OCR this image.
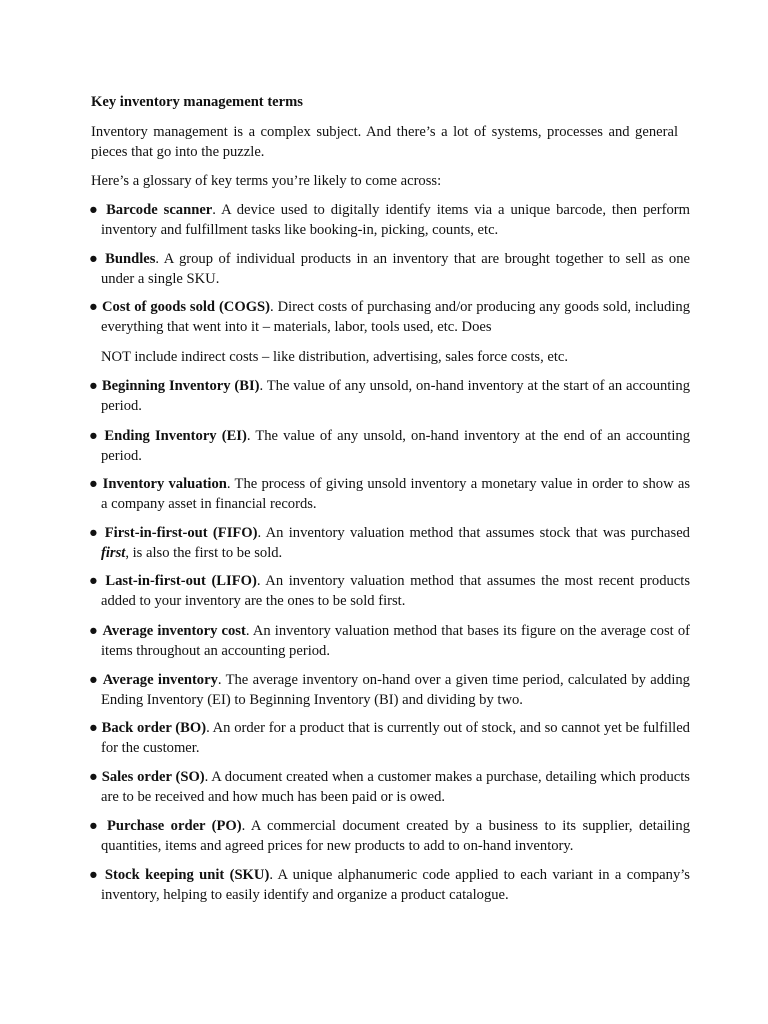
Key inventory management terms

Inventory management is a complex subject. And there’s a lot of systems, processes and general pieces that go into the puzzle.

Here’s a glossary of key terms you’re likely to come across:

● Barcode scanner. A device used to digitally identify items via a unique barcode, then perform inventory and fulfillment tasks like booking-in, picking, counts, etc.

● Bundles. A group of individual products in an inventory that are brought together to sell as one under a single SKU.

● Cost of goods sold (COGS). Direct costs of purchasing and/or producing any goods sold, including everything that went into it – materials, labor, tools used, etc. Does

NOT include indirect costs – like distribution, advertising, sales force costs, etc.

● Beginning Inventory (BI). The value of any unsold, on-hand inventory at the start of an accounting period.

● Ending Inventory (EI). The value of any unsold, on-hand inventory at the end of an accounting period.

● Inventory valuation. The process of giving unsold inventory a monetary value in order to show as a company asset in financial records.

● First-in-first-out (FIFO). An inventory valuation method that assumes stock that was purchased first, is also the first to be sold.

● Last-in-first-out (LIFO). An inventory valuation method that assumes the most recent products added to your inventory are the ones to be sold first.

● Average inventory cost. An inventory valuation method that bases its figure on the average cost of items throughout an accounting period.

● Average inventory. The average inventory on-hand over a given time period, calculated by adding Ending Inventory (EI) to Beginning Inventory (BI) and dividing by two.

● Back order (BO). An order for a product that is currently out of stock, and so cannot yet be fulfilled for the customer.

● Sales order (SO). A document created when a customer makes a purchase, detailing which products are to be received and how much has been paid or is owed.

● Purchase order (PO). A commercial document created by a business to its supplier, detailing quantities, items and agreed prices for new products to add to on-hand inventory.

● Stock keeping unit (SKU). A unique alphanumeric code applied to each variant in a company’s inventory, helping to easily identify and organize a product catalogue.
